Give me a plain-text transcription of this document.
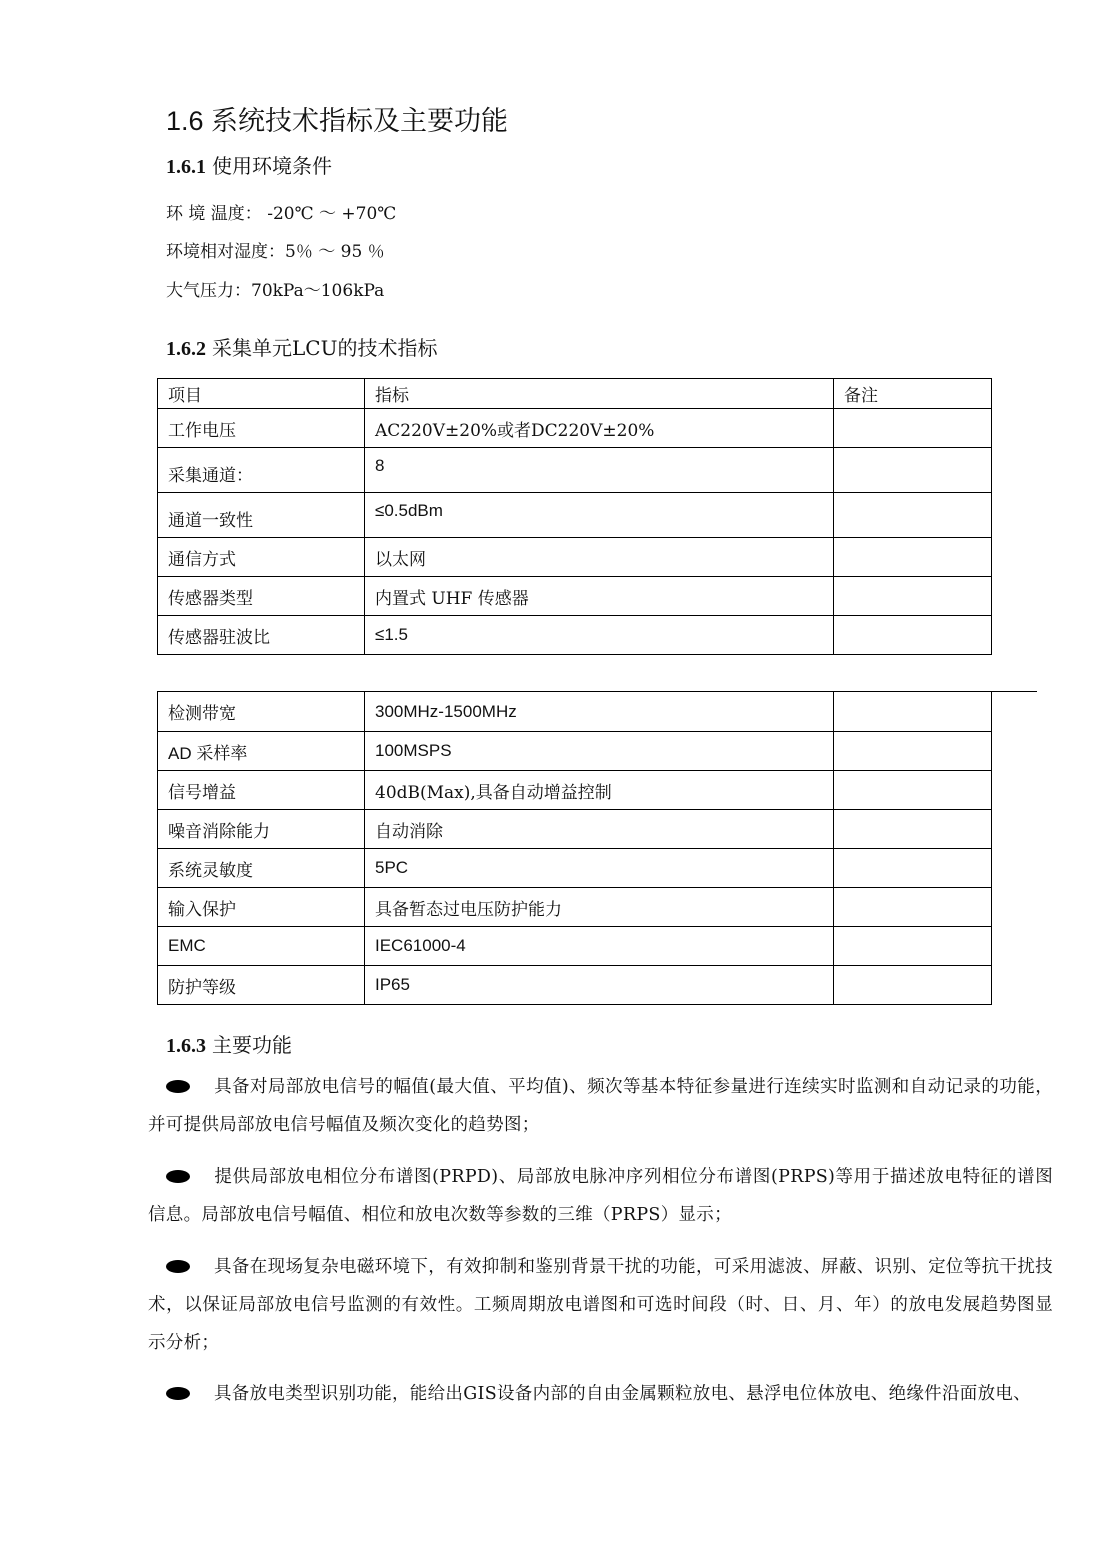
1.6 系统技术指标及主要功能
1.6.1 使用环境条件
环 境 温度： -20℃ ～ +70℃
环境相对湿度：5％ ～ 95 ％
大气压力：70kPa～106kPa
1.6.2 采集单元LCU的技术指标
项目	指标	备注
工作电压	AC220V±20%或者DC220V±20%	
采集通道：	8	
通道一致性	≤0.5dBm	
通信方式	以太网	
传感器类型	内置式 UHF 传感器	
传感器驻波比	≤1.5	
检测带宽	300MHz-1500MHz	
AD 采样率	100MSPS	
信号增益	40dB(Max),具备自动增益控制	
噪音消除能力	自动消除	
系统灵敏度	5PC	
输入保护	具备暂态过电压防护能力	
EMC	IEC61000-4	
防护等级	IP65	
1.6.3 主要功能
具备对局部放电信号的幅值(最大值、平均值)、频次等基本特征参量进行连续实时监测和自动记录的功能，并可提供局部放电信号幅值及频次变化的趋势图；
提供局部放电相位分布谱图(PRPD)、局部放电脉冲序列相位分布谱图(PRPS)等用于描述放电特征的谱图信息。局部放电信号幅值、相位和放电次数等参数的三维（PRPS）显示；
具备在现场复杂电磁环境下，有效抑制和鉴别背景干扰的功能，可采用滤波、屏蔽、识别、定位等抗干扰技术，以保证局部放电信号监测的有效性。工频周期放电谱图和可选时间段（时、日、月、年）的放电发展趋势图显示分析；
具备放电类型识别功能，能给出GIS设备内部的自由金属颗粒放电、悬浮电位体放电、绝缘件沿面放电、
